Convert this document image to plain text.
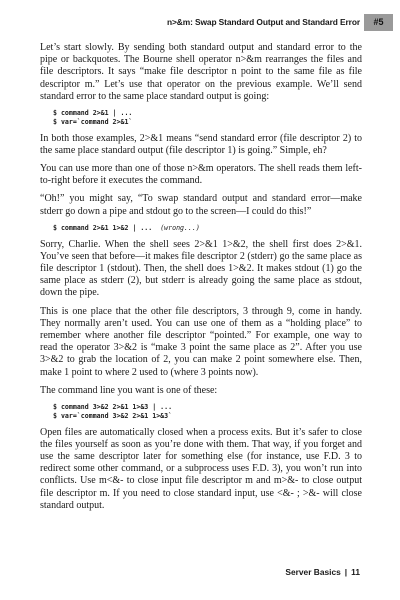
n>&m: Swap Standard Output and Standard Error	#5

Let’s start slowly. By sending both standard output and standard error to the pipe or backquotes. The Bourne shell operator n>&m rearranges the files and file descriptors. It says “make file descriptor n point to the same file as file descriptor m.” Let’s use that operator on the previous example. We’ll send standard error to the same place standard output is going:

$ command 2>&1 | ...
$ var=`command 2>&1`

In both those examples, 2>&1 means “send standard error (file descriptor 2) to the same place standard output (file descriptor 1) is going.” Simple, eh?

You can use more than one of those n>&m operators. The shell reads them left-to-right before it executes the command.

“Oh!” you might say, “To swap standard output and standard error—make stderr go down a pipe and stdout go to the screen—I could do this!”

$ command 2>&1 1>&2 | ... (wrong...)

Sorry, Charlie. When the shell sees 2>&1 1>&2, the shell first does 2>&1. You’ve seen that before—it makes file descriptor 2 (stderr) go the same place as file descriptor 1 (stdout). Then, the shell does 1>&2. It makes stdout (1) go the same place as stderr (2), but stderr is already going the same place as stdout, down the pipe.

This is one place that the other file descriptors, 3 through 9, come in handy. They normally aren’t used. You can use one of them as a “holding place” to remember where another file descriptor “pointed.” For example, one way to read the operator 3>&2 is “make 3 point the same place as 2”. After you use 3>&2 to grab the location of 2, you can make 2 point somewhere else. Then, make 1 point to where 2 used to (where 3 points now).

The command line you want is one of these:

$ command 3>&2 2>&1 1>&3 | ...
$ var=`command 3>&2 2>&1 1>&3`

Open files are automatically closed when a process exits. But it’s safer to close the files yourself as soon as you’re done with them. That way, if you forget and use the same descriptor later for something else (for instance, use F.D. 3 to redirect some other command, or a subprocess uses F.D. 3), you won’t run into conflicts. Use m<&- to close input file descriptor m and m>&- to close output file descriptor m. If you need to close standard input, use <&- ; >&- will close standard output.

Server Basics | 11
